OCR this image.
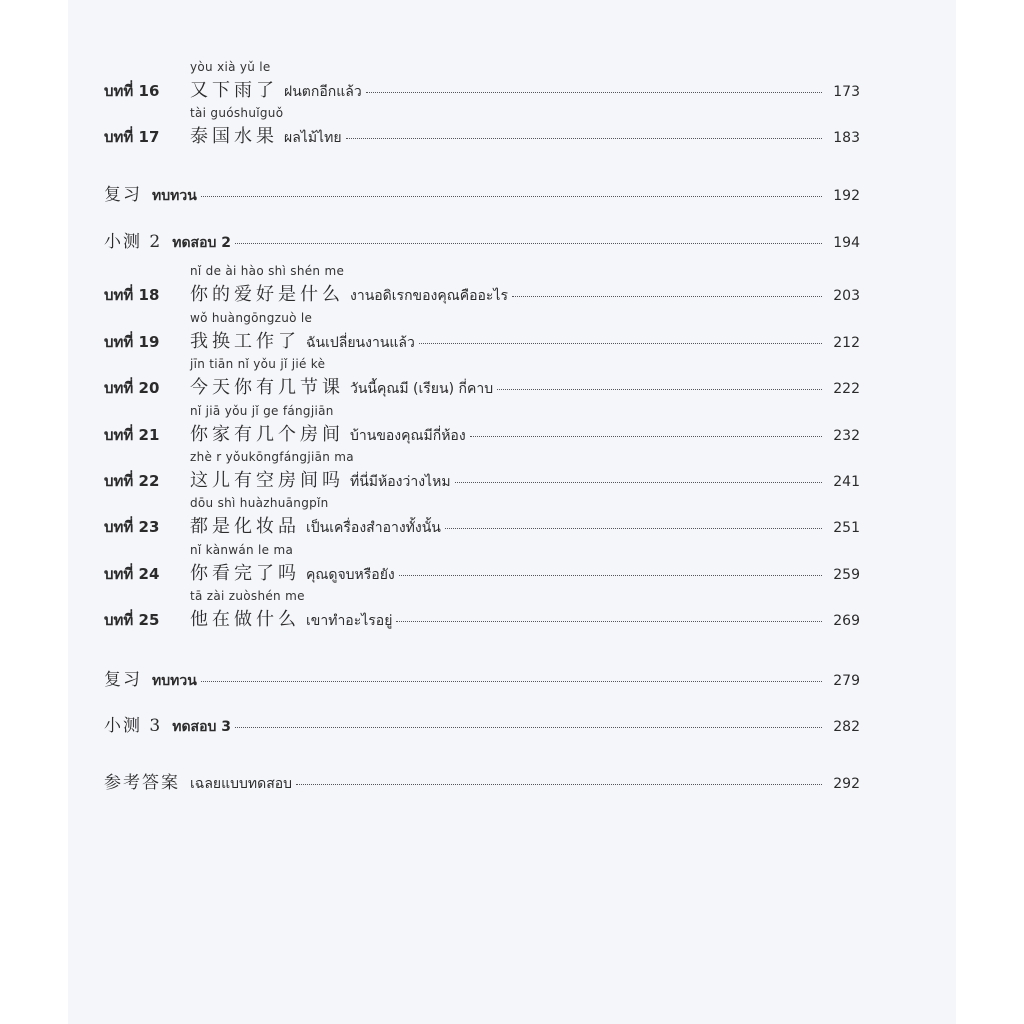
yòu xià yǔ le
บทที่ 16	又下雨了 ฝนตกอีกแล้ว	173
tài guóshuǐguǒ
บทที่ 17	泰国水果 ผลไม้ไทย	183
复习 ทบทวน	192
小测 2 ทดสอบ 2	194
nǐ de ài hào shì shén me
บทที่ 18	你的爱好是什么 งานอดิเรกของคุณคืออะไร	203
wǒ huàngōngzuò le
บทที่ 19	我换工作了 ฉันเปลี่ยนงานแล้ว	212
jīn tiān nǐ yǒu jǐ jié kè
บทที่ 20	今天你有几节课 วันนี้คุณมี (เรียน) กี่คาบ	222
nǐ jiā yǒu jǐ ge fángjiān
บทที่ 21	你家有几个房间 บ้านของคุณมีกี่ห้อง	232
zhè r yǒukōngfángjiān ma
บทที่ 22	这儿有空房间吗 ที่นี่มีห้องว่างไหม	241
dōu shì huàzhuāngpǐn
บทที่ 23	都是化妆品 เป็นเครื่องสำอางทั้งนั้น	251
nǐ kànwán le ma
บทที่ 24	你看完了吗 คุณดูจบหรือยัง	259
tā zài zuòshén me
บทที่ 25	他在做什么 เขาทำอะไรอยู่	269
复习 ทบทวน	279
小测 3 ทดสอบ 3	282
参考答案 เฉลยแบบทดสอบ	292
